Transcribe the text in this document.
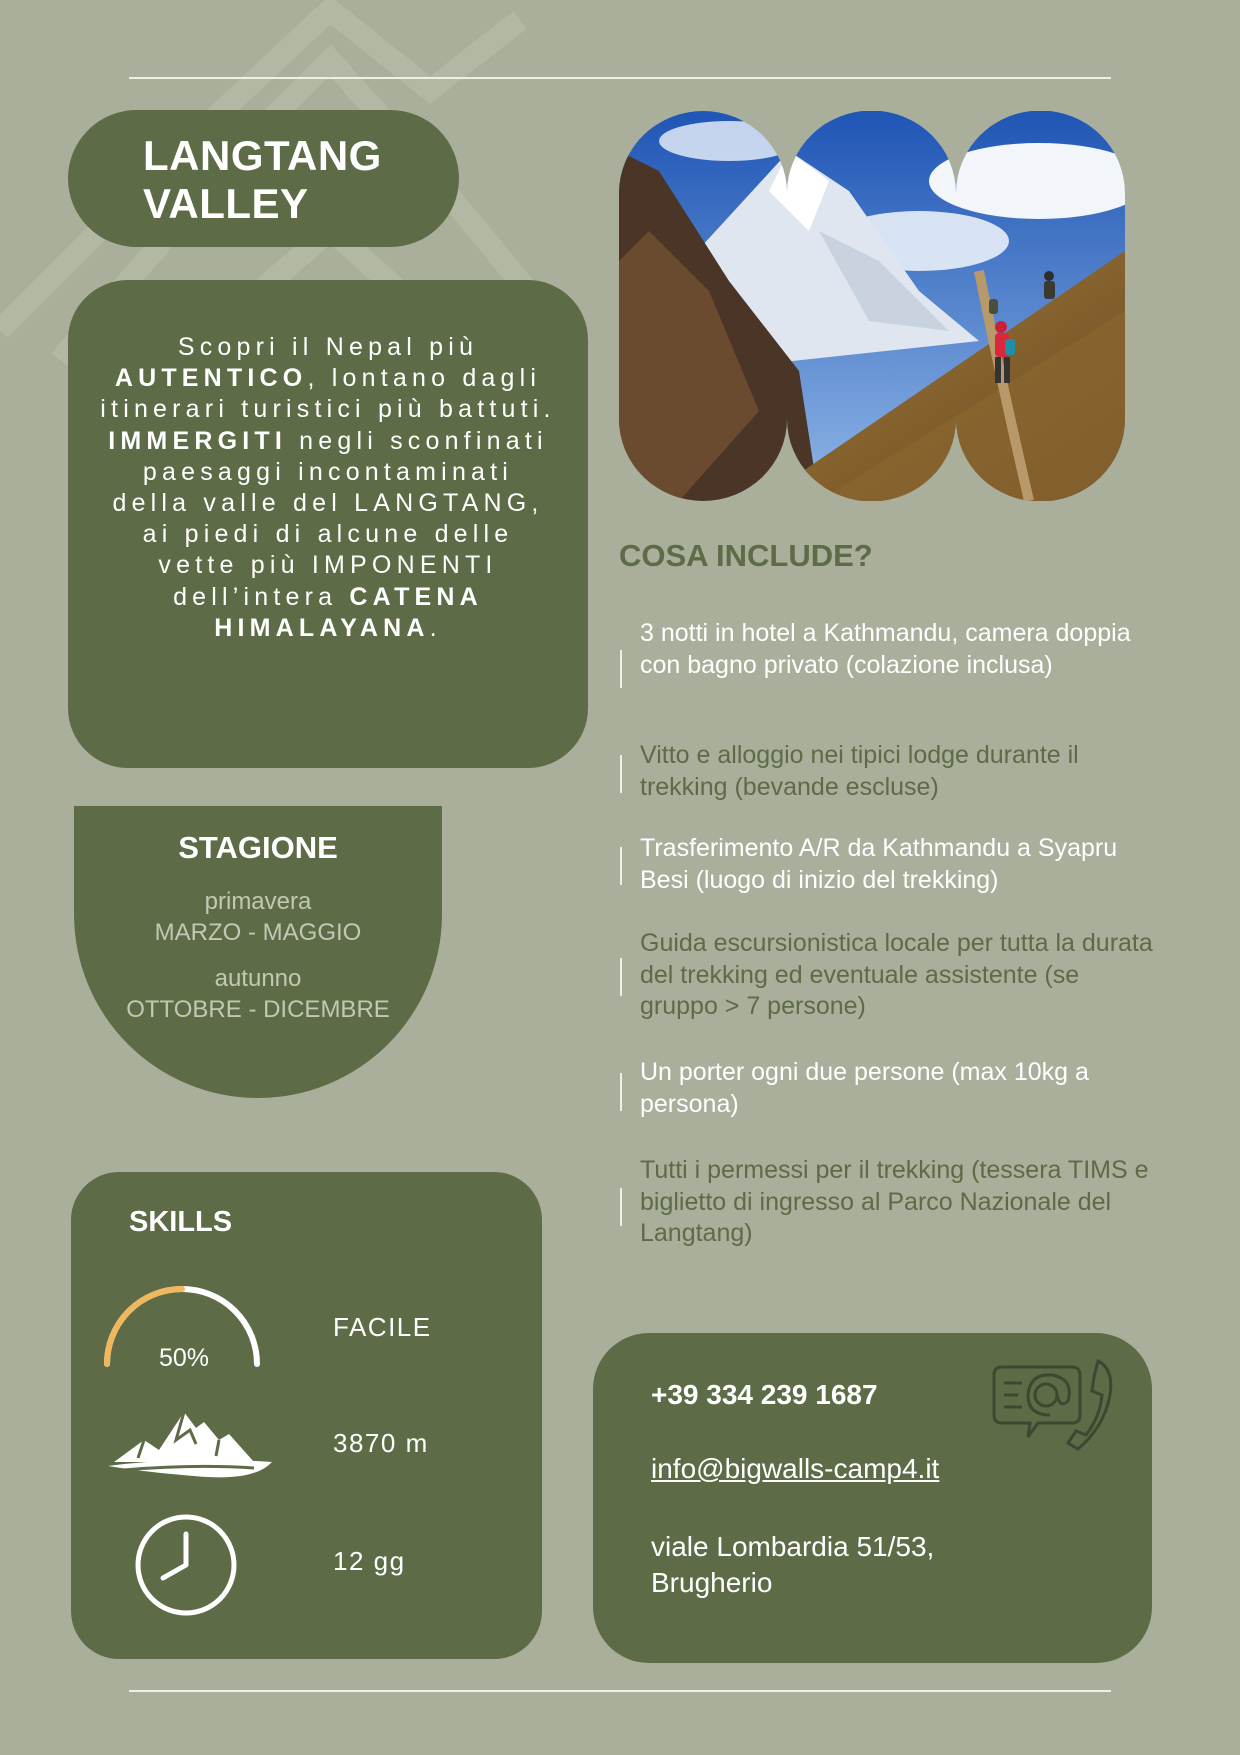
LANGTANG
VALLEY

Scopri il Nepal più AUTENTICO, lontano dagli itinerari turistici più battuti. IMMERGITI negli sconfinati paesaggi incontaminati della valle del LANGTANG, ai piedi di alcune delle vette più IMPONENTI dell’intera CATENA HIMALAYANA.

STAGIONE
primavera
MARZO - MAGGIO
autunno
OTTOBRE - DICEMBRE
COSA INCLUDE?
3 notti in hotel a Kathmandu, camera doppia con bagno privato (colazione inclusa)
Vitto e alloggio nei tipici lodge durante il trekking (bevande escluse)
Trasferimento A/R da Kathmandu a Syapru Besi (luogo di inizio del trekking)
Guida escursionistica locale per tutta la durata del trekking ed eventuale assistente (se gruppo > 7 persone)
Un porter ogni due persone (max 10kg a persona)
Tutti i permessi per il trekking (tessera TIMS e biglietto di ingresso al Parco Nazionale del Langtang)
SKILLS
50%
FACILE
3870 m
12 gg
+39 334 239 1687
info@bigwalls-camp4.it
viale Lombardia 51/53,
Brugherio
